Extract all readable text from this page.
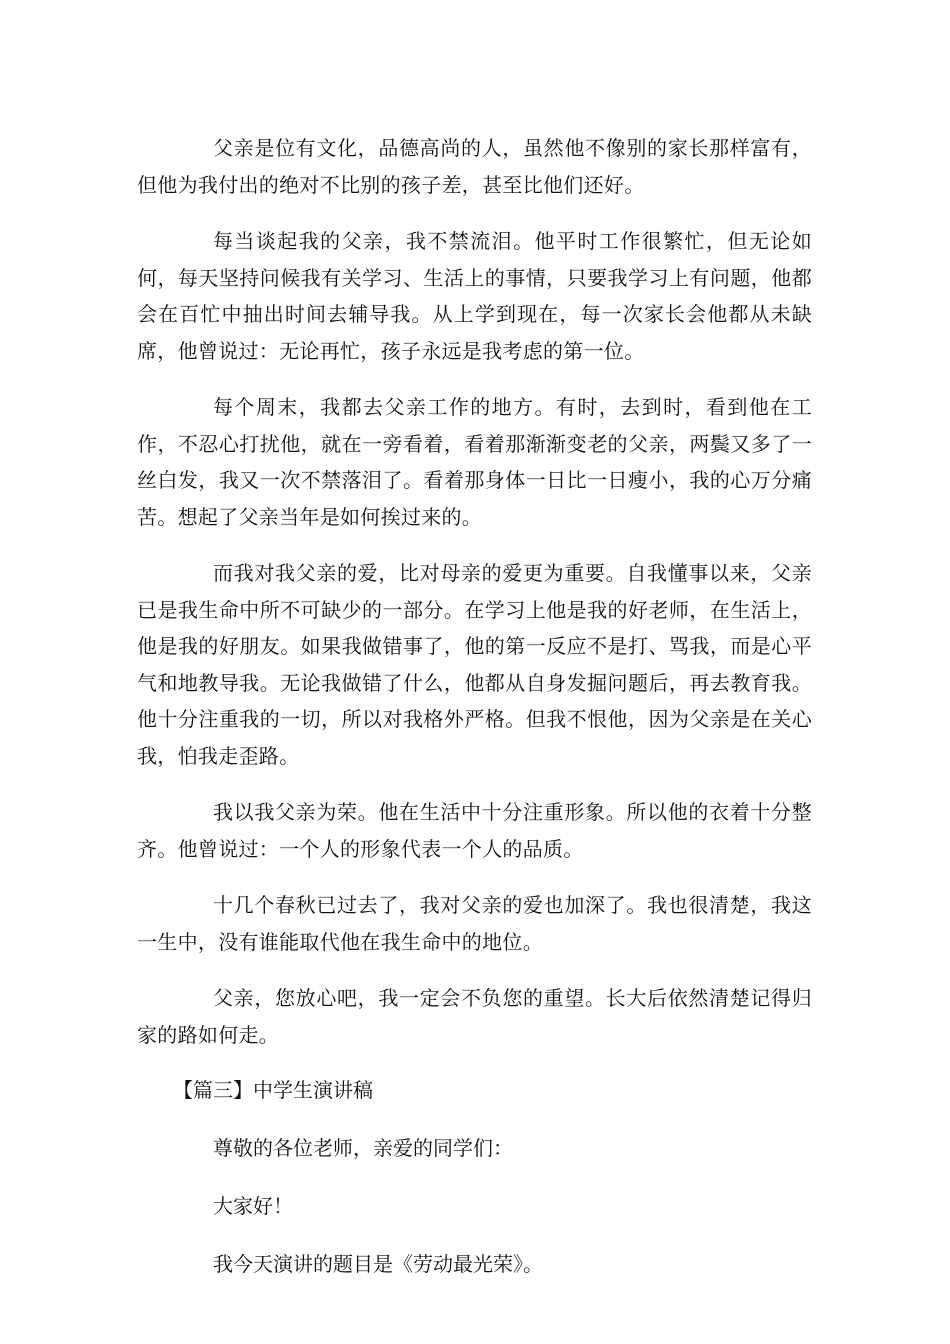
父亲是位有文化，品德高尚的人，虽然他不像别的家长那样富有，但他为我付出的绝对不比别的孩子差，甚至比他们还好。

每当谈起我的父亲，我不禁流泪。他平时工作很繁忙，但无论如何，每天坚持问候我有关学习、生活上的事情，只要我学习上有问题，他都会在百忙中抽出时间去辅导我。从上学到现在，每一次家长会他都从未缺席，他曾说过：无论再忙，孩子永远是我考虑的第一位。

每个周末，我都去父亲工作的地方。有时，去到时，看到他在工作，不忍心打扰他，就在一旁看着，看着那渐渐变老的父亲，两鬓又多了一丝白发，我又一次不禁落泪了。看着那身体一日比一日瘦小，我的心万分痛苦。想起了父亲当年是如何挨过来的。

而我对我父亲的爱，比对母亲的爱更为重要。自我懂事以来，父亲已是我生命中所不可缺少的一部分。在学习上他是我的好老师，在生活上，他是我的好朋友。如果我做错事了，他的第一反应不是打、骂我，而是心平气和地教导我。无论我做错了什么，他都从自身发掘问题后，再去教育我。他十分注重我的一切，所以对我格外严格。但我不恨他，因为父亲是在关心我，怕我走歪路。

我以我父亲为荣。他在生活中十分注重形象。所以他的衣着十分整齐。他曾说过：一个人的形象代表一个人的品质。

十几个春秋已过去了，我对父亲的爱也加深了。我也很清楚，我这一生中，没有谁能取代他在我生命中的地位。

父亲，您放心吧，我一定会不负您的重望。长大后依然清楚记得归家的路如何走。

【篇三】中学生演讲稿

尊敬的各位老师，亲爱的同学们：

大家好！

我今天演讲的题目是《劳动最光荣》。
